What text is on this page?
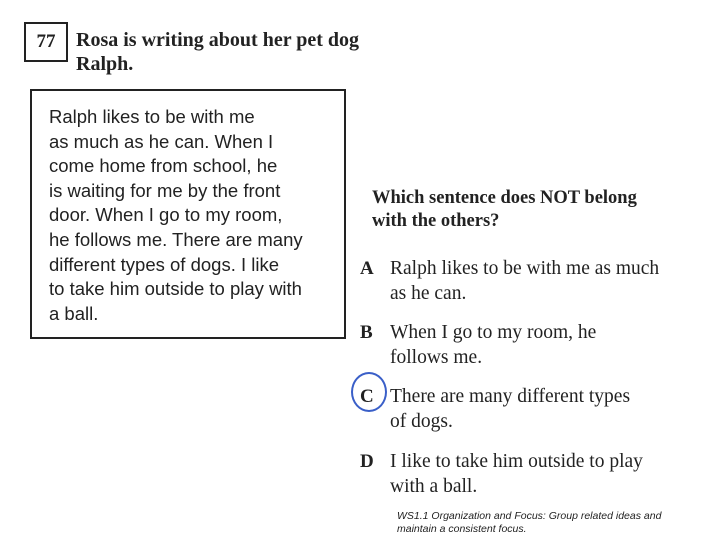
77	Rosa is writing about her pet dog
Ralph.
Ralph likes to be with me
as much as he can. When I
come home from school, he
is waiting for me by the front
door. When I go to my room,
he follows me. There are many
different types of dogs. I like
to take him outside to play with
a ball.
Which sentence does NOT belong
with the others?
A Ralph likes to be with me as much
as he can.
B When I go to my room, he
follows me.
C There are many different types
of dogs.
D I like to take him outside to play
with a ball.
WS1.1 Organization and Focus: Group related ideas and
maintain a consistent focus.
